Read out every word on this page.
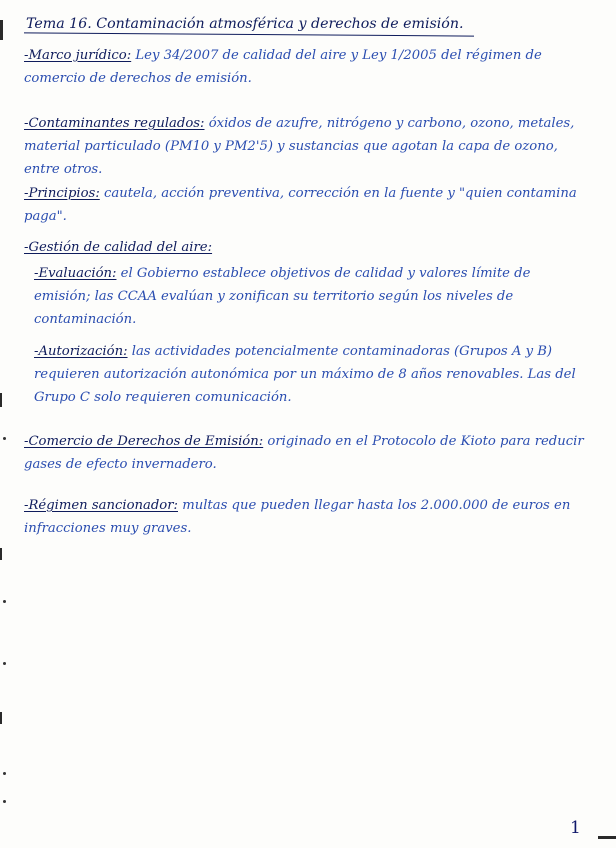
Tema 16. Contaminación atmosférica y derechos de emisión.

-Marco jurídico: Ley 34/2007 de calidad del aire y Ley 1/2005 del régimen de comercio de derechos de emisión.

-Contaminantes regulados: óxidos de azufre, nitrógeno y carbono, ozono, metales, material particulado (PM10 y PM2'5) y sustancias que agotan la capa de ozono, entre otros.

-Principios: cautela, acción preventiva, corrección en la fuente y "quien contamina paga".

-Gestión de calidad del aire:

-Evaluación: el Gobierno establece objetivos de calidad y valores límite de emisión; las CCAA evalúan y zonifican su territorio según los niveles de contaminación.

-Autorización: las actividades potencialmente contaminadoras (Grupos A y B) requieren autorización autonómica por un máximo de 8 años renovables. Las del Grupo C solo requieren comunicación.

-Comercio de Derechos de Emisión: originado en el Protocolo de Kioto para reducir gases de efecto invernadero.

-Régimen sancionador: multas que pueden llegar hasta los 2.000.000 de euros en infracciones muy graves.

1
